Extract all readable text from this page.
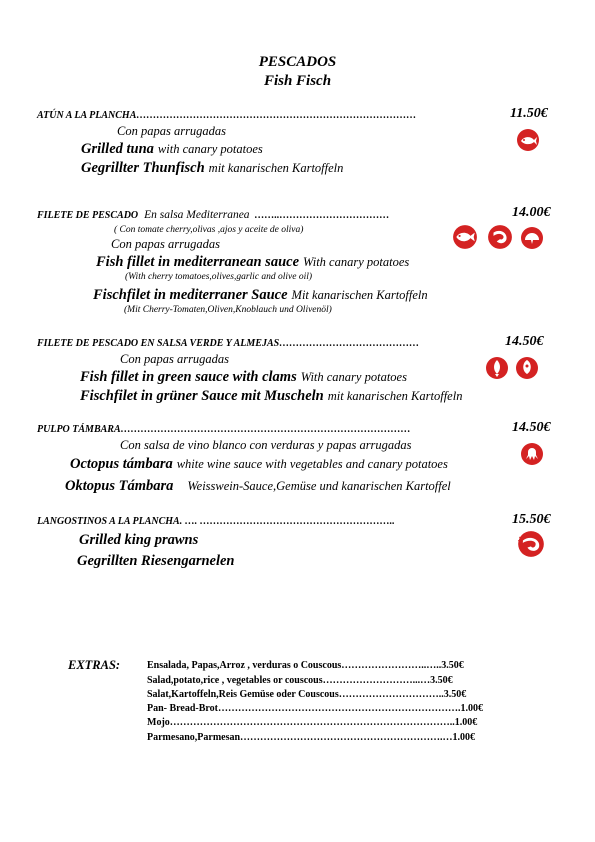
PESCADOS
Fish Fisch
ATÚN A LA PLANCHA…………………………………………………………………………	11.50€
Con papas arrugadas
Grilled tuna with canary potatoes
Gegrillter Thunfisch mit kanarischen Kartoffeln
FILETE DE PESCADO En salsa Mediterranea ……..……………………………	14.00€
( Con tomate cherry,olivas ,ajos y aceite de oliva)
Con papas arrugadas
Fish fillet in mediterranean sauce With canary potatoes
(With cherry tomatoes,olives,garlic and olive oil)
Fischfilet in mediterraner Sauce Mit kanarischen Kartoffeln
(Mit Cherry-Tomaten,Oliven,Knoblauch und Olivenöl)
FILETE DE PESCADO EN SALSA VERDE Y ALMEJAS……………………………………	14.50€
Con papas arrugadas
Fish fillet in green sauce with clams With canary potatoes
Fischfilet in grüner Sauce mit Muscheln mit kanarischen Kartoffeln
PULPO TÁMBARA……………………………………………………………………………	14.50€
Con salsa de vino blanco con verduras y papas arrugadas
Octopus támbara white wine sauce with vegetables and canary potatoes
Oktopus Támbara Weisswein-Sauce,Gemüse und kanarischen Kartoffel
LANGOSTINOS A LA PLANCHA. …. …………………………………………………..	15.50€
Grilled king prawns
Gegrillten Riesengarnelen
EXTRAS:	Ensalada, Papas,Arroz , verduras o Couscous……………………..…..3.50€
Salad,potato,rice , vegetables or couscous………………………...…3.50€
Salat,Kartoffeln,Reis Gemüse oder Couscous…………………………..3.50€
Pan- Bread-Brot……………………………………………………………….1.00€
Mojo…………………………………………………………………………..1.00€
Parmesano,Parmesan…………………………………………………….…1.00€
